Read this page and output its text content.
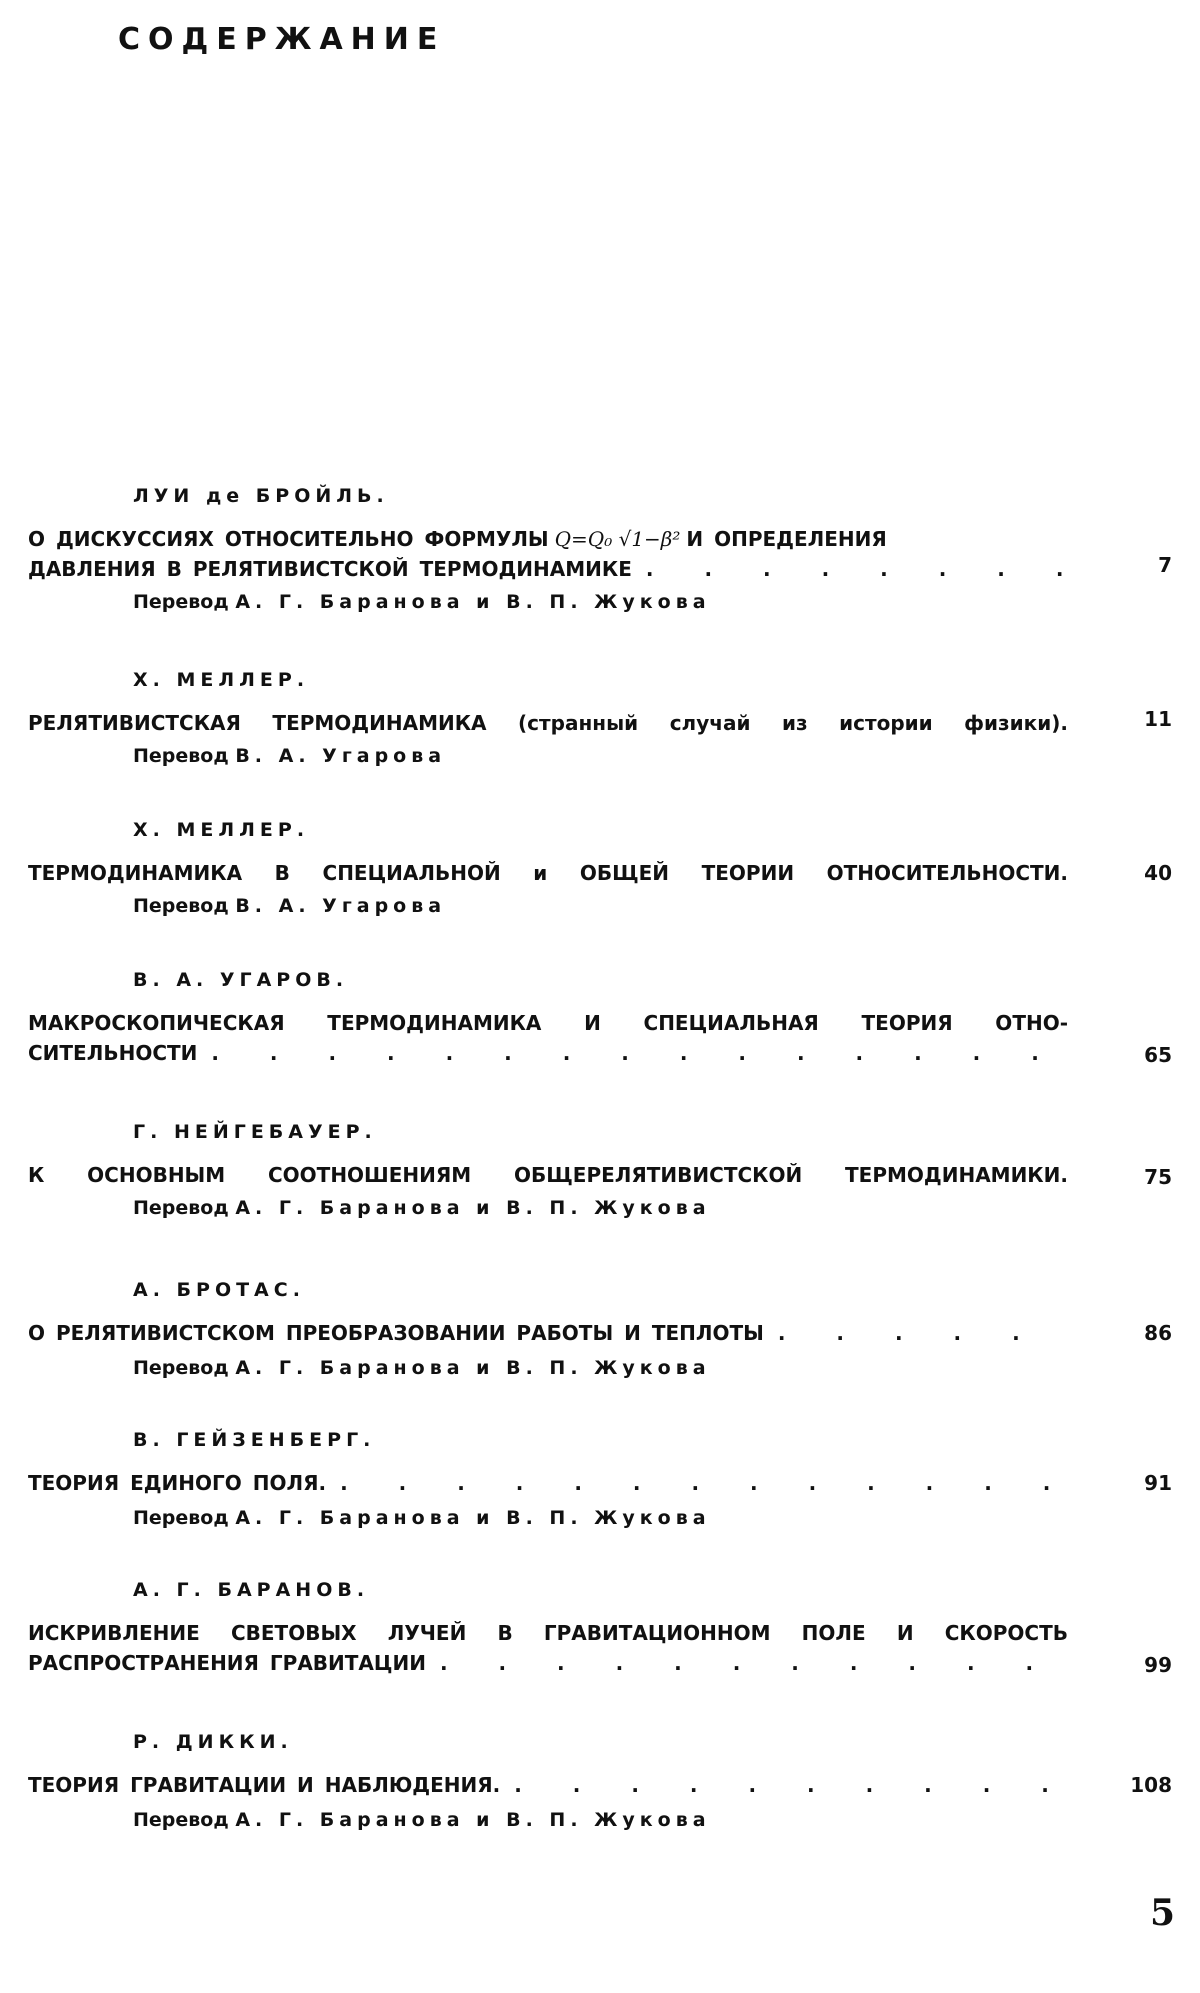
СОДЕРЖАНИЕ
ЛУИ де БРОЙЛЬ.
О ДИСКУССИЯХ ОТНОСИТЕЛЬНО ФОРМУЛЫ Q=Q₀ √1−β² И ОПРЕДЕЛЕНИЯ
ДАВЛЕНИЯ В РЕЛЯТИВИСТСКОЙ ТЕРМОДИНАМИКЕ . . .	7
Перевод А. Г. Баранова и В. П. Жукова
Х. МЕЛЛЕР.
РЕЛЯТИВИСТСКАЯ ТЕРМОДИНАМИКА (странный случай из истории физики).	11
Перевод В. А. Угарова
Х. МЕЛЛЕР.
ТЕРМОДИНАМИКА В СПЕЦИАЛЬНОЙ и ОБЩЕЙ ТЕОРИИ ОТНОСИТЕЛЬНОСТИ.	40
Перевод В. А. Угарова
В. А. УГАРОВ.
МАКРОСКОПИЧЕСКАЯ ТЕРМОДИНАМИКА И СПЕЦИАЛЬНАЯ ТЕОРИЯ ОТНО-
СИТЕЛЬНОСТИ . . .	65
Г. НЕЙГЕБАУЕР.
К ОСНОВНЫМ СООТНОШЕНИЯМ ОБЩЕРЕЛЯТИВИСТСКОЙ ТЕРМОДИНАМИКИ.	75
Перевод А. Г. Баранова и В. П. Жукова
А. БРОТАС.
О РЕЛЯТИВИСТСКОМ ПРЕОБРАЗОВАНИИ РАБОТЫ И ТЕПЛОТЫ . . .	86
Перевод А. Г. Баранова и В. П. Жукова
В. ГЕЙЗЕНБЕРГ.
ТЕОРИЯ ЕДИНОГО ПОЛЯ. . . .	91
Перевод А. Г. Баранова и В. П. Жукова
А. Г. БАРАНОВ.
ИСКРИВЛЕНИЕ СВЕТОВЫХ ЛУЧЕЙ В ГРАВИТАЦИОННОМ ПОЛЕ И СКОРОСТЬ
РАСПРОСТРАНЕНИЯ ГРАВИТАЦИИ . . .	99
Р. ДИККИ.
ТЕОРИЯ ГРАВИТАЦИИ И НАБЛЮДЕНИЯ. . . .	108
Перевод А. Г. Баранова и В. П. Жукова
5
